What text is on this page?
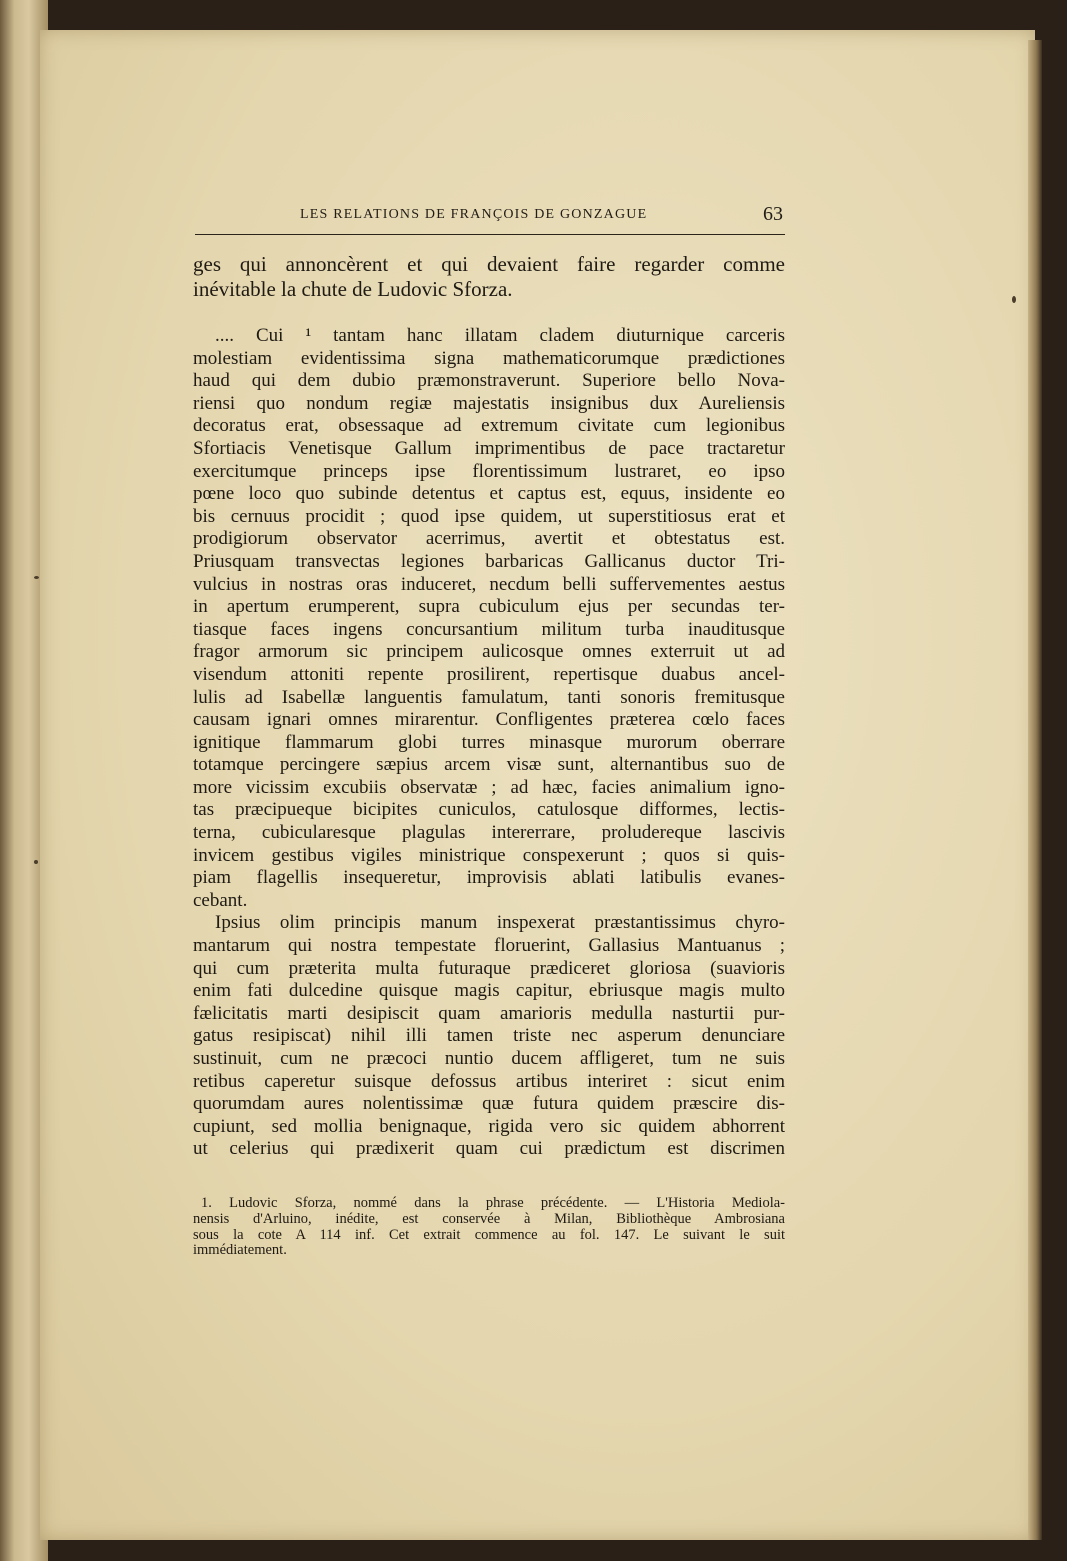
LES RELATIONS DE FRANÇOIS DE GONZAGUE	63
ges qui annoncèrent et qui devaient faire regarder comme
inévitable la chute de Ludovic Sforza.
.... Cui ¹ tantam hanc illatam cladem diuturnique carceris
molestiam evidentissima signa mathematicorumque prædictiones
haud qui dem dubio præmonstraverunt. Superiore bello Nova-
riensi quo nondum regiæ majestatis insignibus dux Aureliensis
decoratus erat, obsessaque ad extremum civitate cum legionibus
Sfortiacis Venetisque Gallum imprimentibus de pace tractaretur
exercitumque princeps ipse florentissimum lustraret, eo ipso
pœne loco quo subinde detentus et captus est, equus, insidente eo
bis cernuus procidit ; quod ipse quidem, ut superstitiosus erat et
prodigiorum observator acerrimus, avertit et obtestatus est.
Priusquam transvectas legiones barbaricas Gallicanus ductor Tri-
vulcius in nostras oras induceret, necdum belli suffervementes aestus
in apertum erumperent, supra cubiculum ejus per secundas ter-
tiasque faces ingens concursantium militum turba inauditusque
fragor armorum sic principem aulicosque omnes exterruit ut ad
visendum attoniti repente prosilirent, repertisque duabus ancel-
lulis ad Isabellæ languentis famulatum, tanti sonoris fremitusque
causam ignari omnes mirarentur. Confligentes præterea cœlo faces
ignitique flammarum globi turres minasque murorum oberrare
totamque percingere sæpius arcem visæ sunt, alternantibus suo de
more vicissim excubiis observatæ ; ad hæc, facies animalium igno-
tas præcipueque bicipites cuniculos, catulosque difformes, lectis-
terna, cubicularesque plagulas intererrare, proludereque lascivis
invicem gestibus vigiles ministrique conspexerunt ; quos si quis-
piam flagellis insequeretur, improvisis ablati latibulis evanes-
cebant.
Ipsius olim principis manum inspexerat præstantissimus chyro-
mantarum qui nostra tempestate floruerint, Gallasius Mantuanus ;
qui cum præterita multa futuraque prædiceret gloriosa (suavioris
enim fati dulcedine quisque magis capitur, ebriusque magis multo
fælicitatis marti desipiscit quam amarioris medulla nasturtii pur-
gatus resipiscat) nihil illi tamen triste nec asperum denunciare
sustinuit, cum ne præcoci nuntio ducem affligeret, tum ne suis
retibus caperetur suisque defossus artibus interiret : sicut enim
quorumdam aures nolentissimæ quæ futura quidem præscire dis-
cupiunt, sed mollia benignaque, rigida vero sic quidem abhorrent
ut celerius qui prædixerit quam cui prædictum est discrimen
1. Ludovic Sforza, nommé dans la phrase précédente. — L'Historia Mediola-
nensis d'Arluino, inédite, est conservée à Milan, Bibliothèque Ambrosiana
sous la cote A 114 inf. Cet extrait commence au fol. 147. Le suivant le suit
immédiatement.
